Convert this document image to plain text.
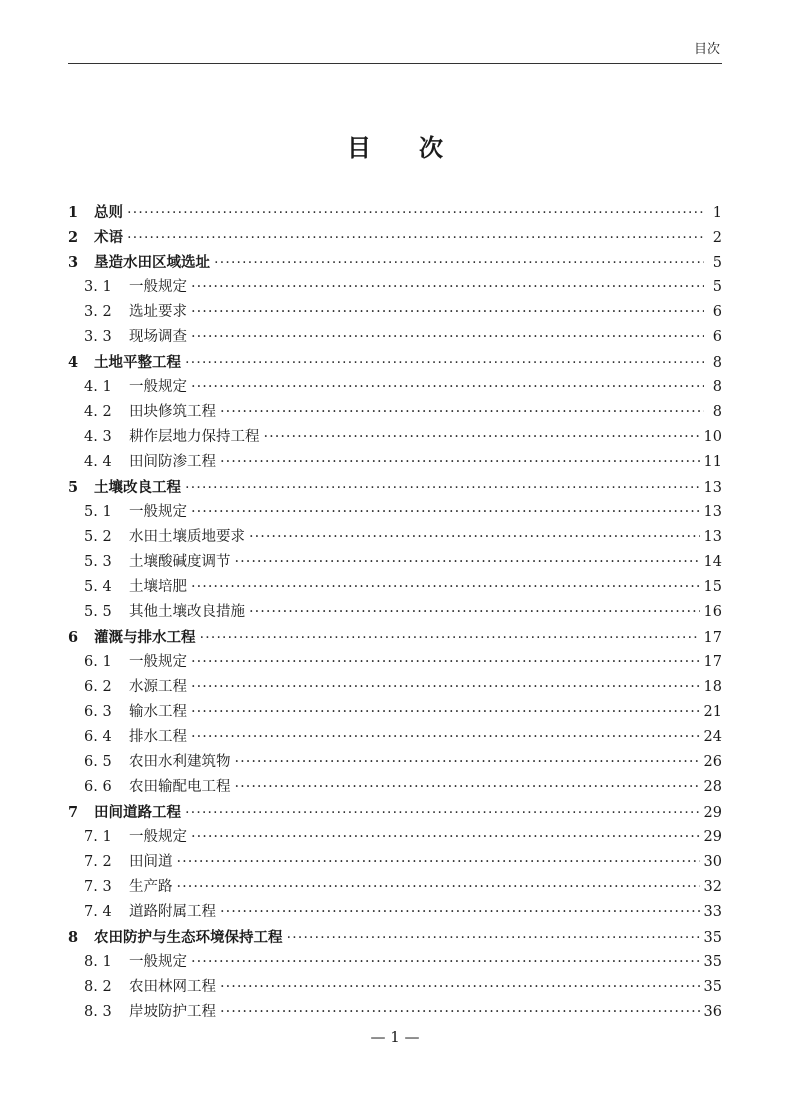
目次
目 次
1	总则 ·····	1
2	术语 ·····	2
3	垦造水田区域选址 ·····	5
3. 1	一般规定 ·····	5
3. 2	选址要求 ·····	6
3. 3	现场调查 ·····	6
4	土地平整工程 ·····	8
4. 1	一般规定 ·····	8
4. 2	田块修筑工程 ·····	8
4. 3	耕作层地力保持工程 ·····	10
4. 4	田间防渗工程 ·····	11
5	土壤改良工程 ·····	13
5. 1	一般规定 ·····	13
5. 2	水田土壤质地要求 ·····	13
5. 3	土壤酸碱度调节 ·····	14
5. 4	土壤培肥 ·····	15
5. 5	其他土壤改良措施 ·····	16
6	灌溉与排水工程 ·····	17
6. 1	一般规定 ·····	17
6. 2	水源工程 ·····	18
6. 3	输水工程 ·····	21
6. 4	排水工程 ·····	24
6. 5	农田水利建筑物 ·····	26
6. 6	农田输配电工程 ·····	28
7	田间道路工程 ·····	29
7. 1	一般规定 ·····	29
7. 2	田间道 ·····	30
7. 3	生产路 ·····	32
7. 4	道路附属工程 ·····	33
8	农田防护与生态环境保持工程 ·····	35
8. 1	一般规定 ·····	35
8. 2	农田林网工程 ·····	35
8. 3	岸坡防护工程 ·····	36
— 1 —
